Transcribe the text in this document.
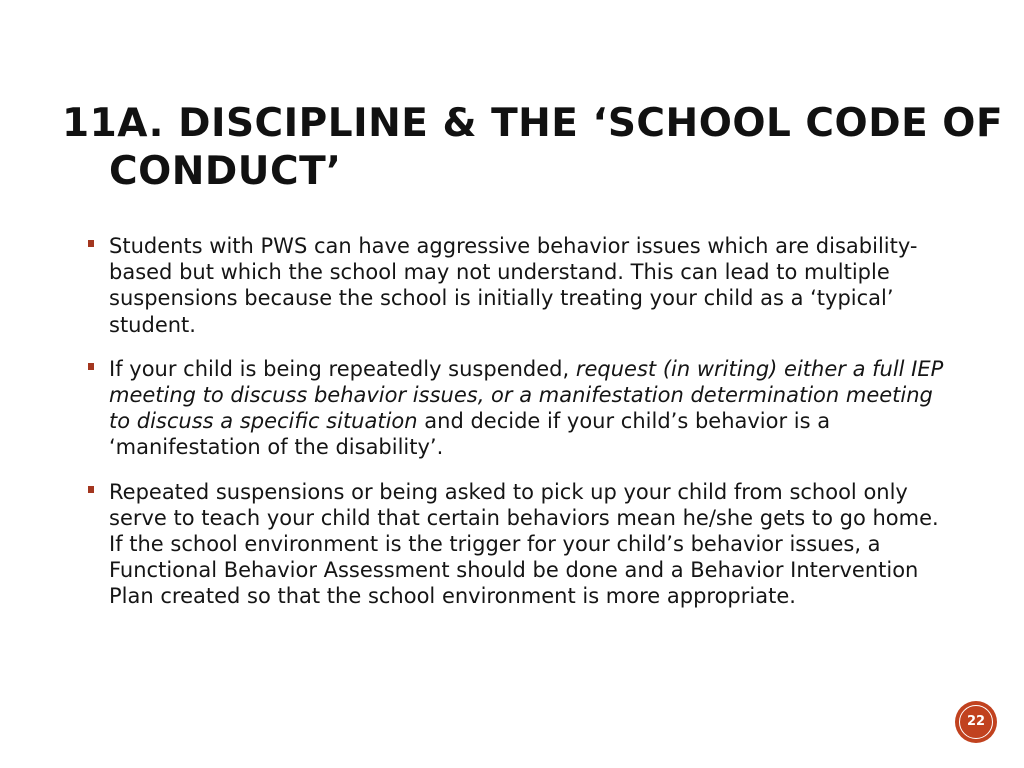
11A. DISCIPLINE & THE ‘SCHOOL CODE OF
CONDUCT’
Students with PWS can have aggressive behavior issues which are disability-based but which the school may not understand. This can lead to multiple suspensions because the school is initially treating your child as a ‘typical’ student.
If your child is being repeatedly suspended, request (in writing) either a full IEP meeting to discuss behavior issues, or a manifestation determination meeting to discuss a specific situation and decide if your child’s behavior is a ‘manifestation of the disability’.
Repeated suspensions or being asked to pick up your child from school only serve to teach your child that certain behaviors mean he/she gets to go home. If the school environment is the trigger for your child’s behavior issues, a Functional Behavior Assessment should be done and a Behavior Intervention Plan created so that the school environment is more appropriate.
22
